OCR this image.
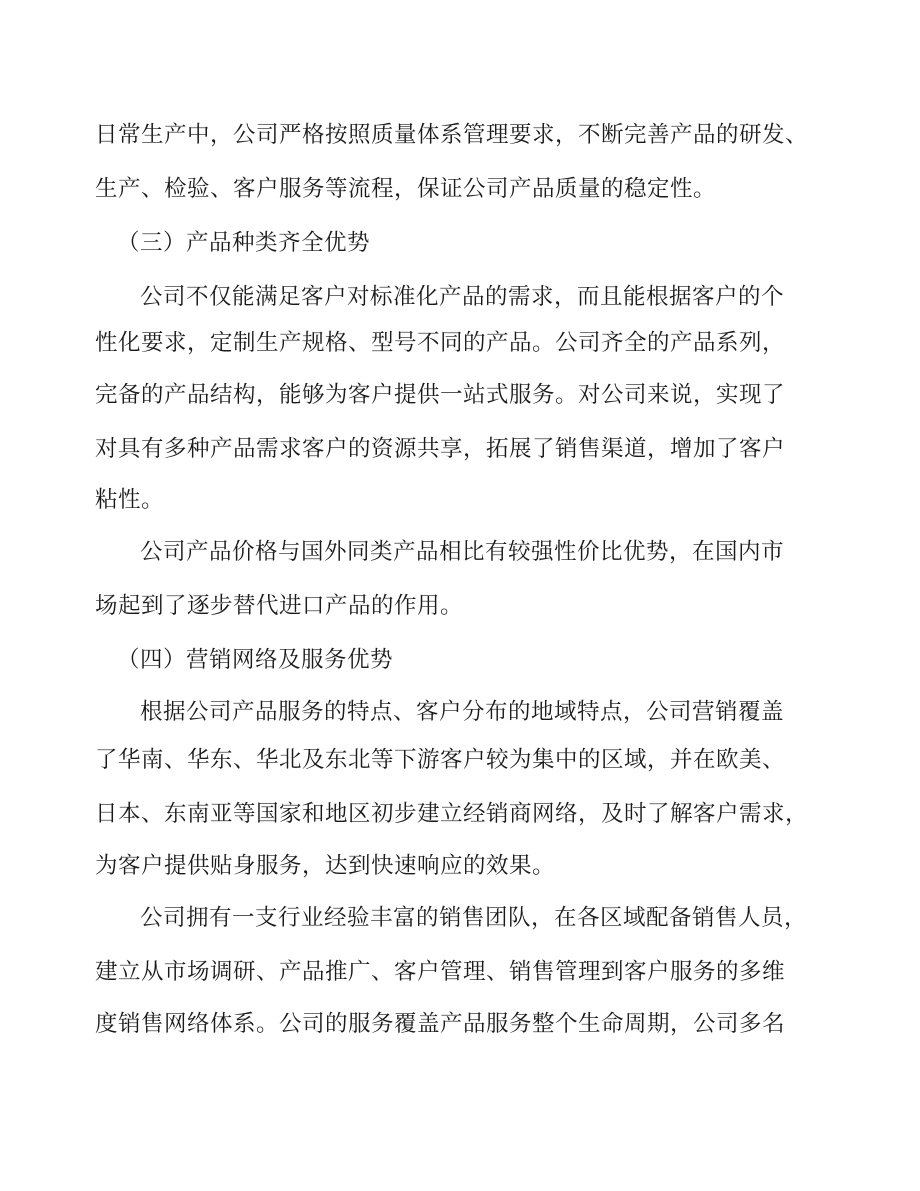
日常生产中，公司严格按照质量体系管理要求，不断完善产品的研发、
生产、检验、客户服务等流程，保证公司产品质量的稳定性。
（三）产品种类齐全优势
公司不仅能满足客户对标准化产品的需求，而且能根据客户的个
性化要求，定制生产规格、型号不同的产品。公司齐全的产品系列，
完备的产品结构，能够为客户提供一站式服务。对公司来说，实现了
对具有多种产品需求客户的资源共享，拓展了销售渠道，增加了客户
粘性。
公司产品价格与国外同类产品相比有较强性价比优势，在国内市
场起到了逐步替代进口产品的作用。
（四）营销网络及服务优势
根据公司产品服务的特点、客户分布的地域特点，公司营销覆盖
了华南、华东、华北及东北等下游客户较为集中的区域，并在欧美、
日本、东南亚等国家和地区初步建立经销商网络，及时了解客户需求，
为客户提供贴身服务，达到快速响应的效果。
公司拥有一支行业经验丰富的销售团队，在各区域配备销售人员，
建立从市场调研、产品推广、客户管理、销售管理到客户服务的多维
度销售网络体系。公司的服务覆盖产品服务整个生命周期，公司多名
